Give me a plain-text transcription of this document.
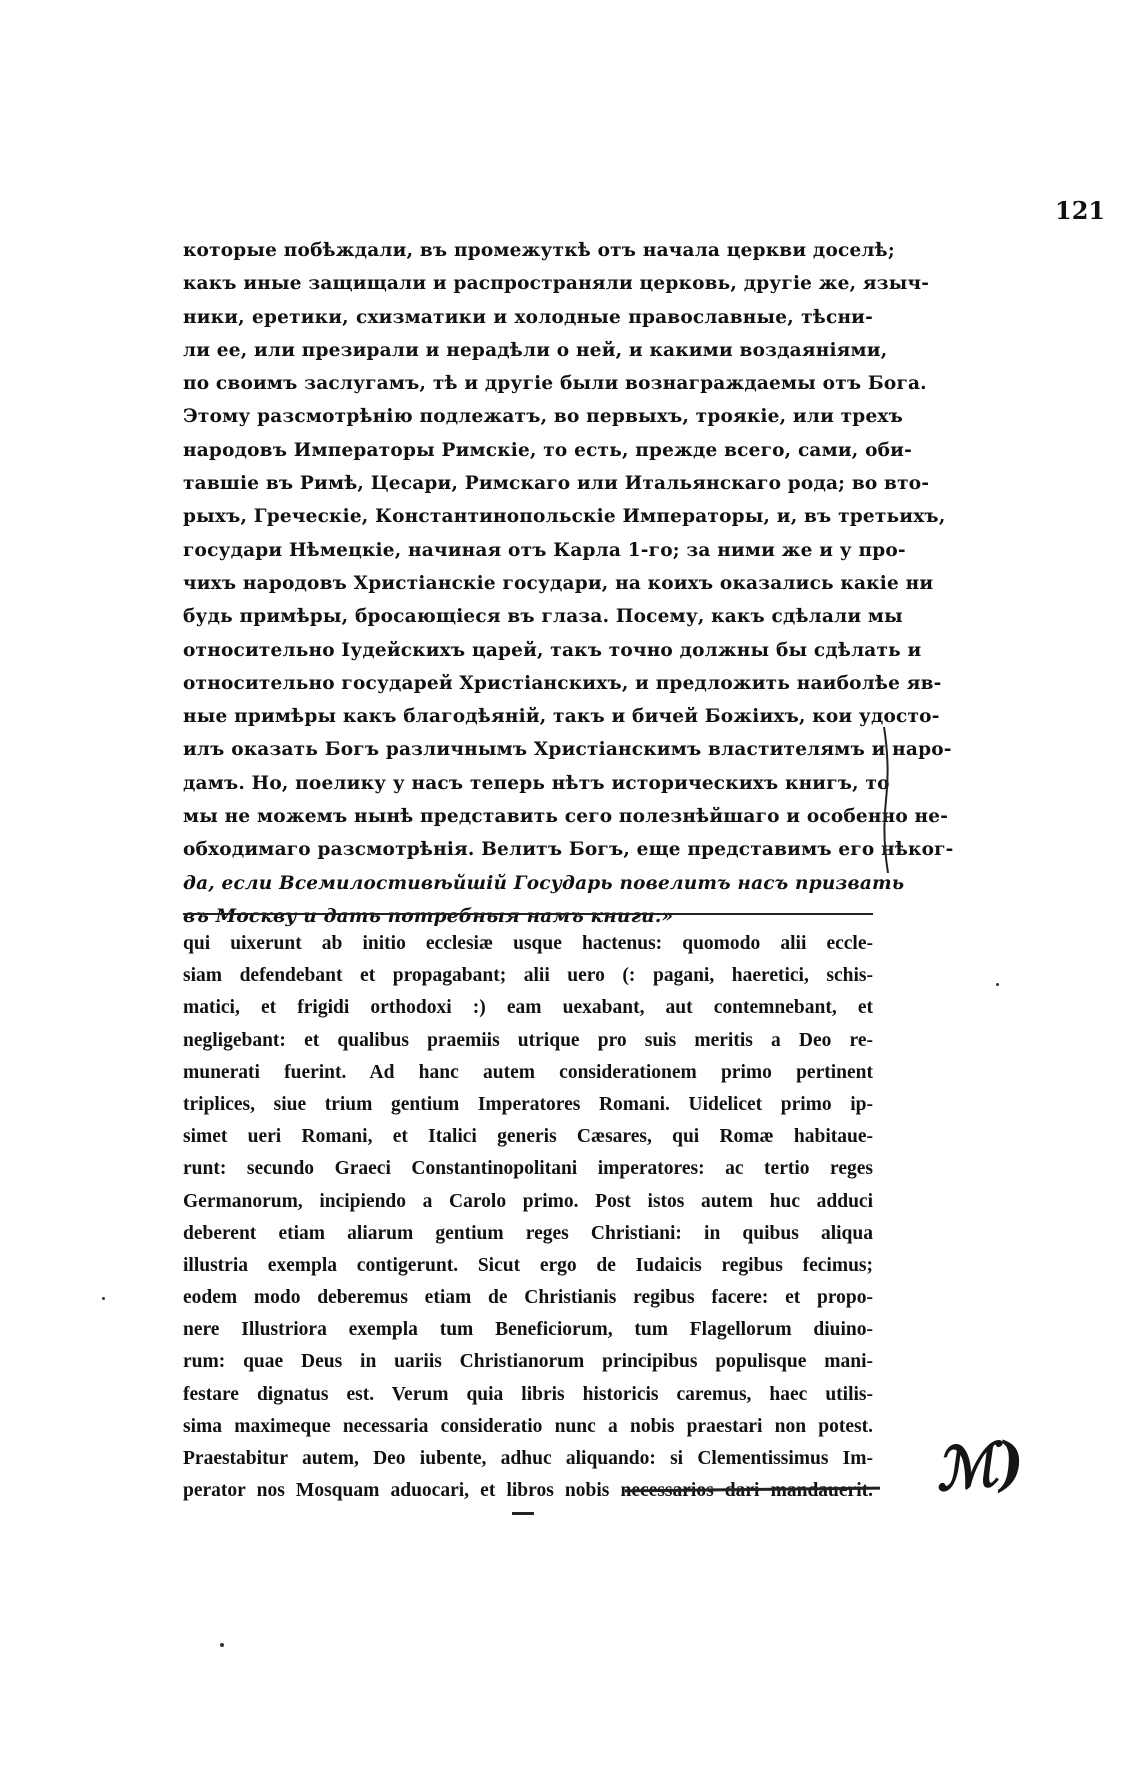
121
которые побѣждали, въ промежуткѣ отъ начала церкви доселѣ;
какъ иные защищали и распространяли церковь, другіе же, языч-
ники, еретики, схизматики и холодные православные, тѣсни-
ли ее, или презирали и нерадѣли о ней, и какими воздаяніями,
по своимъ заслугамъ, тѣ и другіе были вознаграждаемы отъ Бога.
Этому разсмотрѣнію подлежатъ, во первыхъ, трoякіе, или трехъ
народовъ Императоры Римскіе, то есть, прежде всего, сами, оби-
тавшіе въ Римѣ, Цесари, Римскаго или Итальянскаго рода; во вто-
рыхъ, Греческіе, Константинопольскіе Императоры, и, въ третьихъ,
государи Нѣмецкіе, начиная отъ Карла 1-го; за ними же и у про-
чихъ народовъ Христіанскіе государи, на коихъ оказались какіе ни
будь примѣры, бросающіеся въ глаза. Посему, какъ сдѣлали мы
относительно Іудейскихъ царей, такъ точно должны бы сдѣлать и
относительно государей Христіанскихъ, и предложить наиболѣе яв-
ные примѣры какъ благодѣяній, такъ и бичей Божіихъ, кои удосто-
илъ оказать Богъ различнымъ Христіанскимъ властителямъ и наро-
дамъ. Но, поелику у насъ теперь нѣтъ историческихъ книгъ, то
мы не можемъ нынѣ представить сего полезнѣйшаго и особенно не-
обходимаго разсмотрѣнія. Велитъ Богъ, еще представимъ его нѣког-
да, если Всемилостивѣйшій Государь повелитъ насъ призвать
въ Москву и дать потребныя намъ книги.»
qui uixerunt ab initio ecclesiæ usque hactenus: quomodo alii eccle-
siam defendebant et propagabant; alii uero (: pagani, haeretici, schis-
matici, et frigidi orthodoxi :) eam uexabant, aut contemnebant, et
negligebant: et qualibus praemiis utrique pro suis meritis a Deo re-
munerati fuerint. Ad hanc autem considerationem primo pertinent
triplices, siue trium gentium Imperatores Romani. Uidelicet primo ip-
simet ueri Romani, et Italici generis Cæsares, qui Romæ habitaue-
runt: secundo Graeci Constantinopolitani imperatores: ac tertio reges
Germanorum, incipiendo a Carolo primo. Post istos autem huc adduci
deberent etiam aliarum gentium reges Christiani: in quibus aliqua
illustria exempla contigerunt. Sicut ergo de Iudaicis regibus fecimus;
eodem modo deberemus etiam de Christianis regibus facere: et propo-
nere Illustriora exempla tum Beneficiorum, tum Flagellorum diuino-
rum: quae Deus in uariis Christianorum principibus populisque mani-
festare dignatus est. Verum quia libris historicis caremus, haec utilis-
sima maximeque necessaria consideratio nunc a nobis praestari non potest.
Praestabitur autem, Deo iubente, adhuc aliquando: si Clementissimus Im-
perator nos Mosquam aduocari, et libros nobis necessarios dari mandauerit. ℳ)
